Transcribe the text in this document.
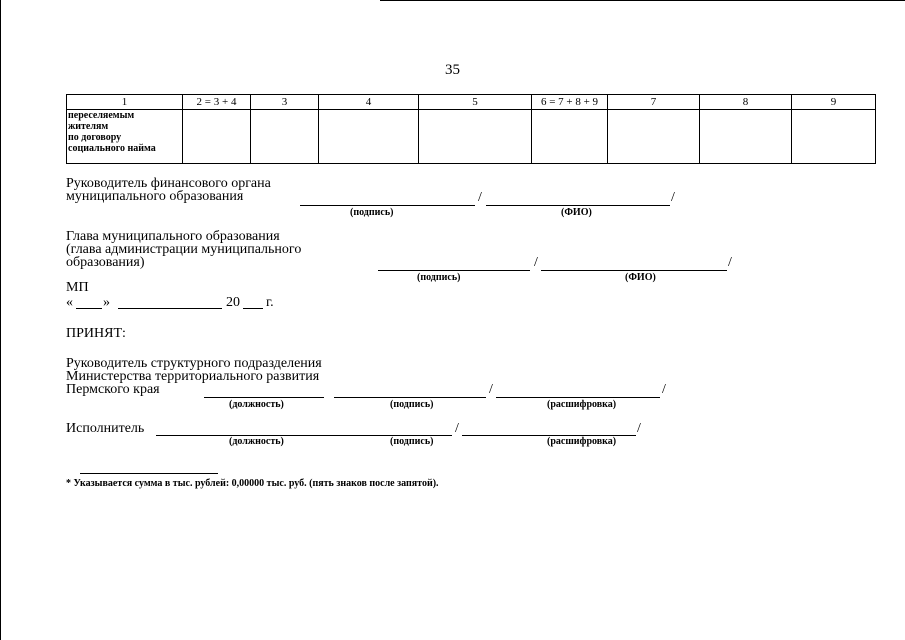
35
1	2 = 3 + 4	3	4	5	6 = 7 + 8 + 9	7	8	9

переселяемым
жителям
по договору
социального найма								

Руководитель финансового органа
муниципального образования	/	/
(подпись)	(ФИО)
Глава муниципального образования
(глава администрации муниципального
образования)	/	/
(подпись)	(ФИО)
МП
« »	20 г.
ПРИНЯТ:
Руководитель структурного подразделения
Министерства территориального развития
Пермского края	/	/
(должность)	(подпись)	(расшифровка)
Исполнитель	/	/
(должность)	(подпись)	(расшифровка)
* Указывается сумма в тыс. рублей: 0,00000 тыс. руб. (пять знаков после запятой).
